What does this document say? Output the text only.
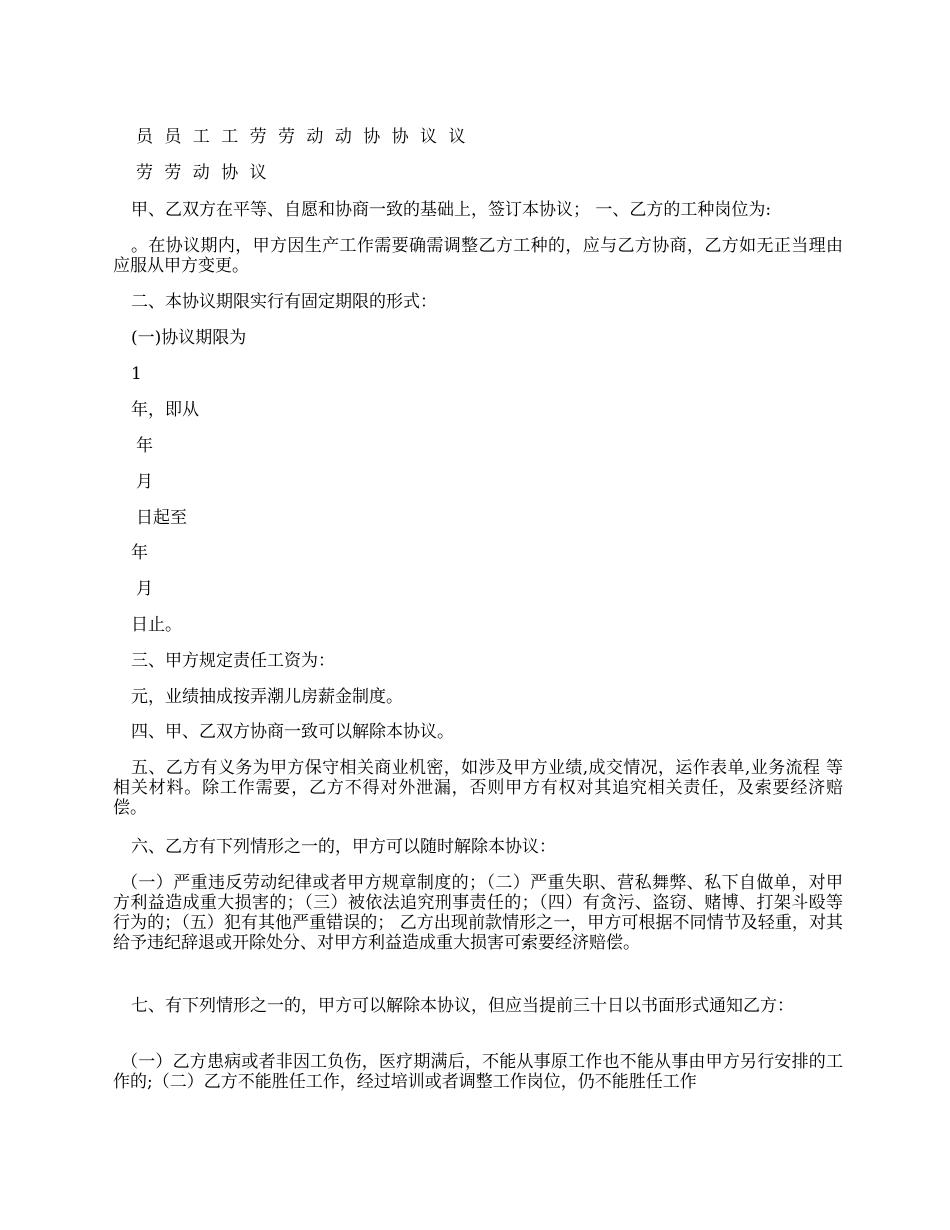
员 员 工 工 劳 劳 动 动 协 协 议 议
劳 劳 动 协 议
甲、乙双方在平等、自愿和协商一致的基础上，签订本协议； 一、乙方的工种岗位为:
。在协议期内，甲方因生产工作需要确需调整乙方工种的，应与乙方协商，乙方如无正当理由应服从甲方变更。
二、本协议期限实行有固定期限的形式：
(一)协议期限为
1
年，即从
年
月
日起至
年
月
日止。
三、甲方规定责任工资为：
元，业绩抽成按弄潮儿房薪金制度。
四、甲、乙双方协商一致可以解除本协议。
五、乙方有义务为甲方保守相关商业机密，如涉及甲方业绩,成交情况，运作表单,业务流程 等相关材料。除工作需要，乙方不得对外泄漏，否则甲方有权对其追究相关责任，及索要经济赔偿。
六、乙方有下列情形之一的，甲方可以随时解除本协议：
（一）严重违反劳动纪律或者甲方规章制度的；（二）严重失职、营私舞弊、私下自做单，对甲方利益造成重大损害的；（三）被依法追究刑事责任的；（四）有贪污、盗窃、赌博、打架斗殴等行为的；（五）犯有其他严重错误的； 乙方出现前款情形之一，甲方可根据不同情节及轻重，对其给予违纪辞退或开除处分、对甲方利益造成重大损害可索要经济赔偿。
七、有下列情形之一的，甲方可以解除本协议，但应当提前三十日以书面形式通知乙方：
（一）乙方患病或者非因工负伤，医疗期满后，不能从事原工作也不能从事由甲方另行安排的工作的;（二）乙方不能胜任工作，经过培训或者调整工作岗位，仍不能胜任工作
